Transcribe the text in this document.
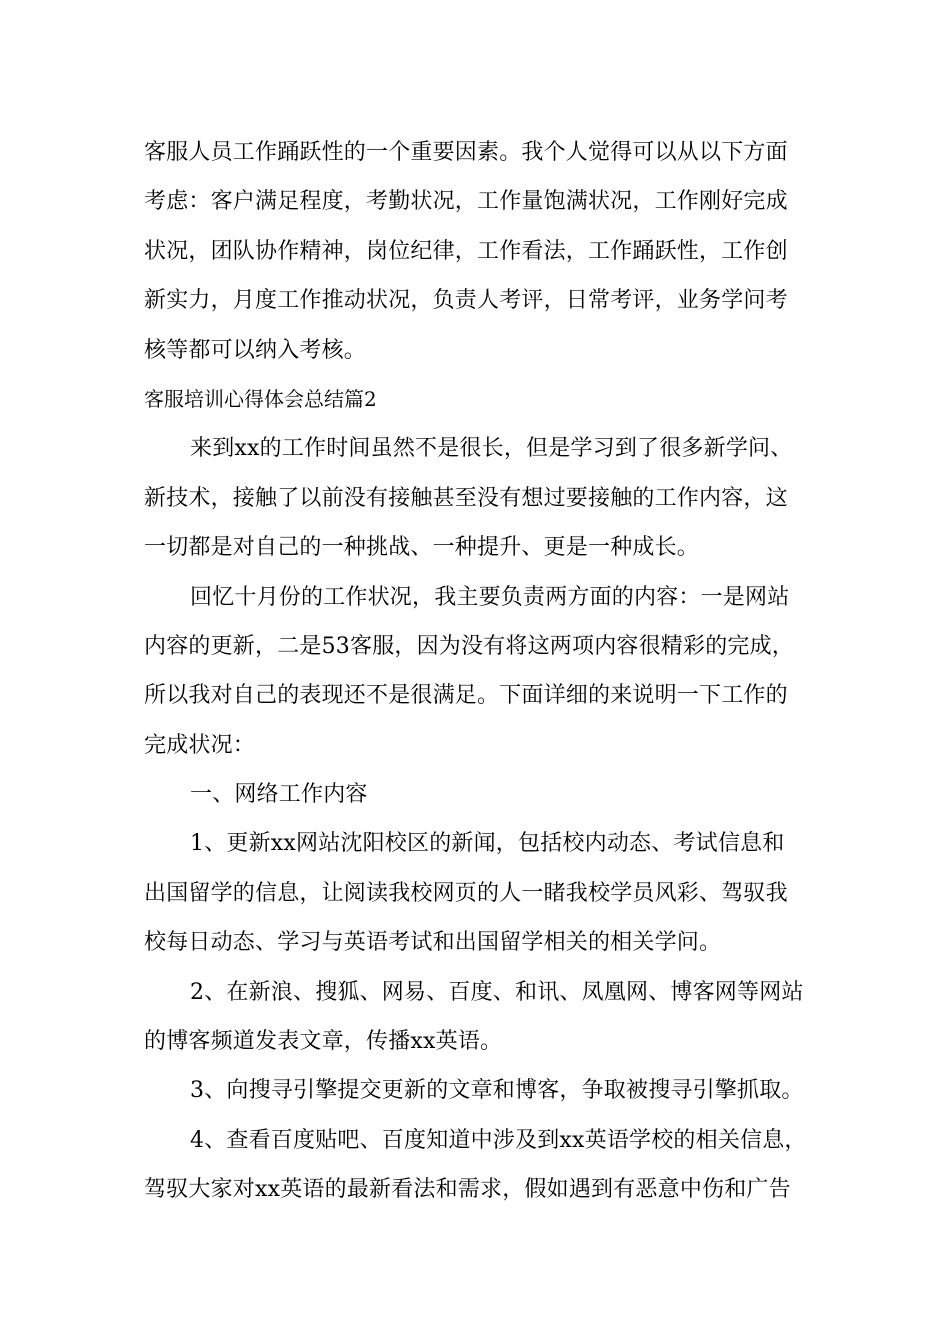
客服人员工作踊跃性的一个重要因素。我个人觉得可以从以下方面
考虑：客户满足程度，考勤状况，工作量饱满状况，工作刚好完成
状况，团队协作精神，岗位纪律，工作看法，工作踊跃性，工作创
新实力，月度工作推动状况，负责人考评，日常考评，业务学问考
核等都可以纳入考核。
客服培训心得体会总结篇2
来到xx的工作时间虽然不是很长，但是学习到了很多新学问、
新技术，接触了以前没有接触甚至没有想过要接触的工作内容，这
一切都是对自己的一种挑战、一种提升、更是一种成长。
回忆十月份的工作状况，我主要负责两方面的内容：一是网站
内容的更新，二是53客服，因为没有将这两项内容很精彩的完成，
所以我对自己的表现还不是很满足。下面详细的来说明一下工作的
完成状况：
一、网络工作内容
1、更新xx网站沈阳校区的新闻，包括校内动态、考试信息和
出国留学的信息，让阅读我校网页的人一睹我校学员风彩、驾驭我
校每日动态、学习与英语考试和出国留学相关的相关学问。
2、在新浪、搜狐、网易、百度、和讯、凤凰网、博客网等网站
的博客频道发表文章，传播xx英语。
3、向搜寻引擎提交更新的文章和博客，争取被搜寻引擎抓取。
4、查看百度贴吧、百度知道中涉及到xx英语学校的相关信息，
驾驭大家对xx英语的最新看法和需求，假如遇到有恶意中伤和广告
